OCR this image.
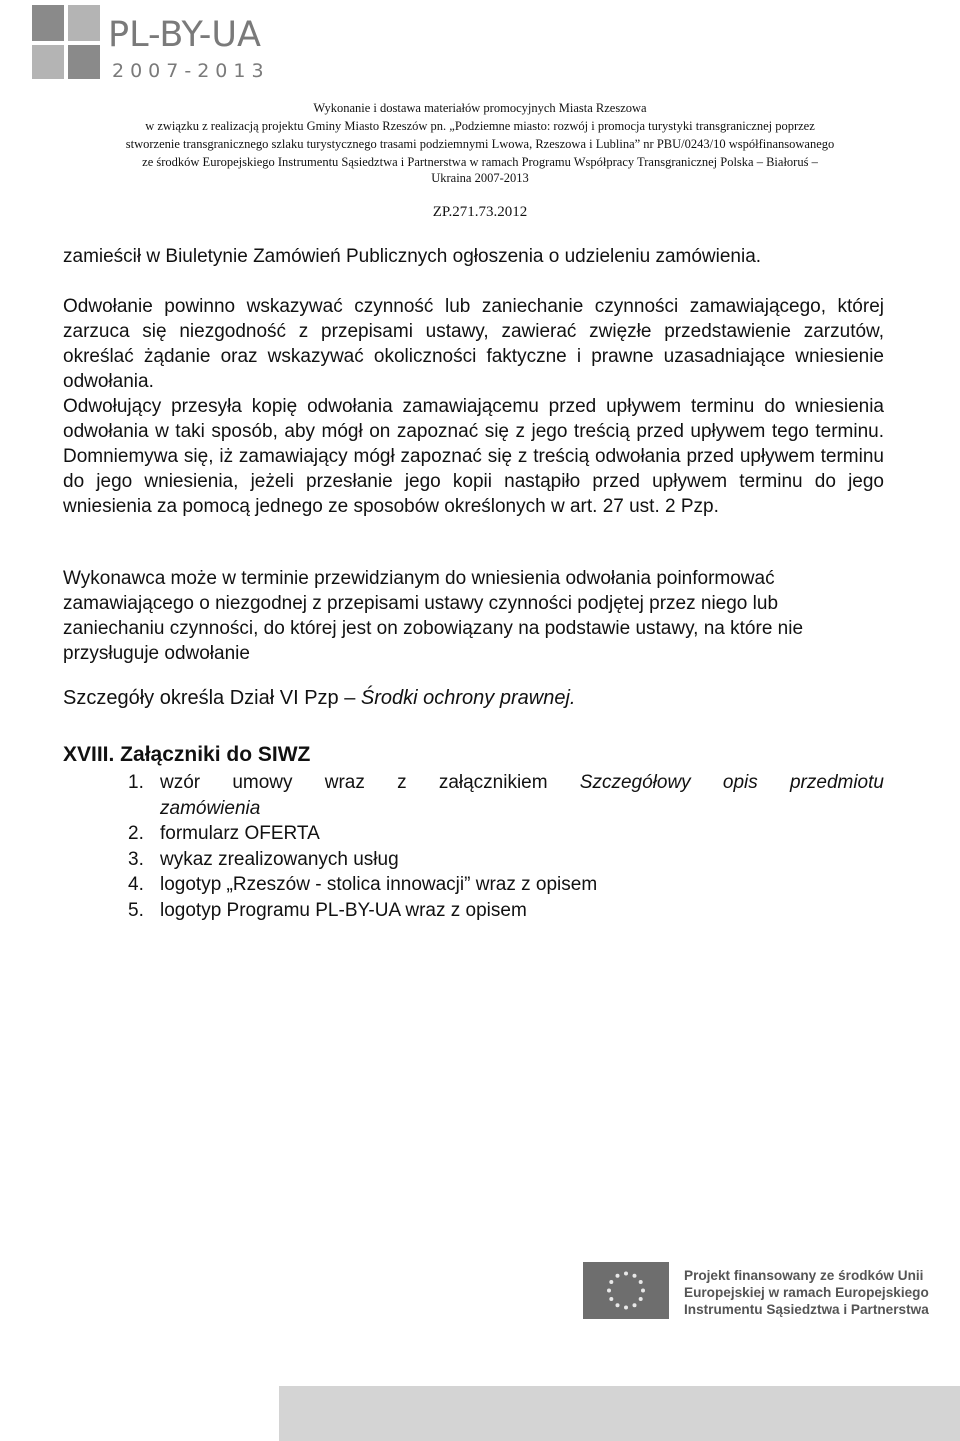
PL-BY-UA
2007-2013
Wykonanie i dostawa materiałów promocyjnych Miasta Rzeszowa
w związku z realizacją projektu Gminy Miasto Rzeszów pn. „Podziemne miasto: rozwój i promocja turystyki transgranicznej poprzez
stworzenie transgranicznego szlaku turystycznego trasami podziemnymi Lwowa, Rzeszowa i Lublina” nr PBU/0243/10 współfinansowanego
ze środków Europejskiego Instrumentu Sąsiedztwa i Partnerstwa w ramach Programu Współpracy Transgranicznej Polska – Białoruś –
Ukraina 2007-2013
ZP.271.73.2012

zamieścił w Biuletynie Zamówień Publicznych ogłoszenia o udzieleniu zamówienia.

Odwołanie powinno wskazywać czynność lub zaniechanie czynności zamawiającego, której zarzuca się niezgodność z przepisami ustawy, zawierać zwięzłe przedstawienie zarzutów, określać żądanie oraz wskazywać okoliczności faktyczne i prawne uzasadniające wniesienie odwołania.

Odwołujący przesyła kopię odwołania zamawiającemu przed upływem terminu do wniesienia odwołania w taki sposób, aby mógł on zapoznać się z jego treścią przed upływem tego terminu. Domniemywa się, iż zamawiający mógł zapoznać się z treścią odwołania przed upływem terminu do jego wniesienia, jeżeli przesłanie jego kopii nastąpiło przed upływem terminu do jego wniesienia za pomocą jednego ze sposobów określonych w art. 27 ust. 2 Pzp.

Wykonawca może w terminie przewidzianym do wniesienia odwołania poinformować zamawiającego o niezgodnej z przepisami ustawy czynności podjętej przez niego lub zaniechaniu czynności, do której jest on zobowiązany na podstawie ustawy, na które nie przysługuje odwołanie

Szczegóły określa Dział VI Pzp – Środki ochrony prawnej.

XVIII. Załączniki do SIWZ
1. wzór umowy wraz z załącznikiem Szczegółowy opis przedmiotu
zamówienia
2. formularz OFERTA
3. wykaz zrealizowanych usług
4. logotyp „Rzeszów - stolica innowacji” wraz z opisem
5. logotyp Programu PL-BY-UA wraz z opisem
Projekt finansowany ze środków Unii
Europejskiej w ramach Europejskiego
Instrumentu Sąsiedztwa i Partnerstwa
